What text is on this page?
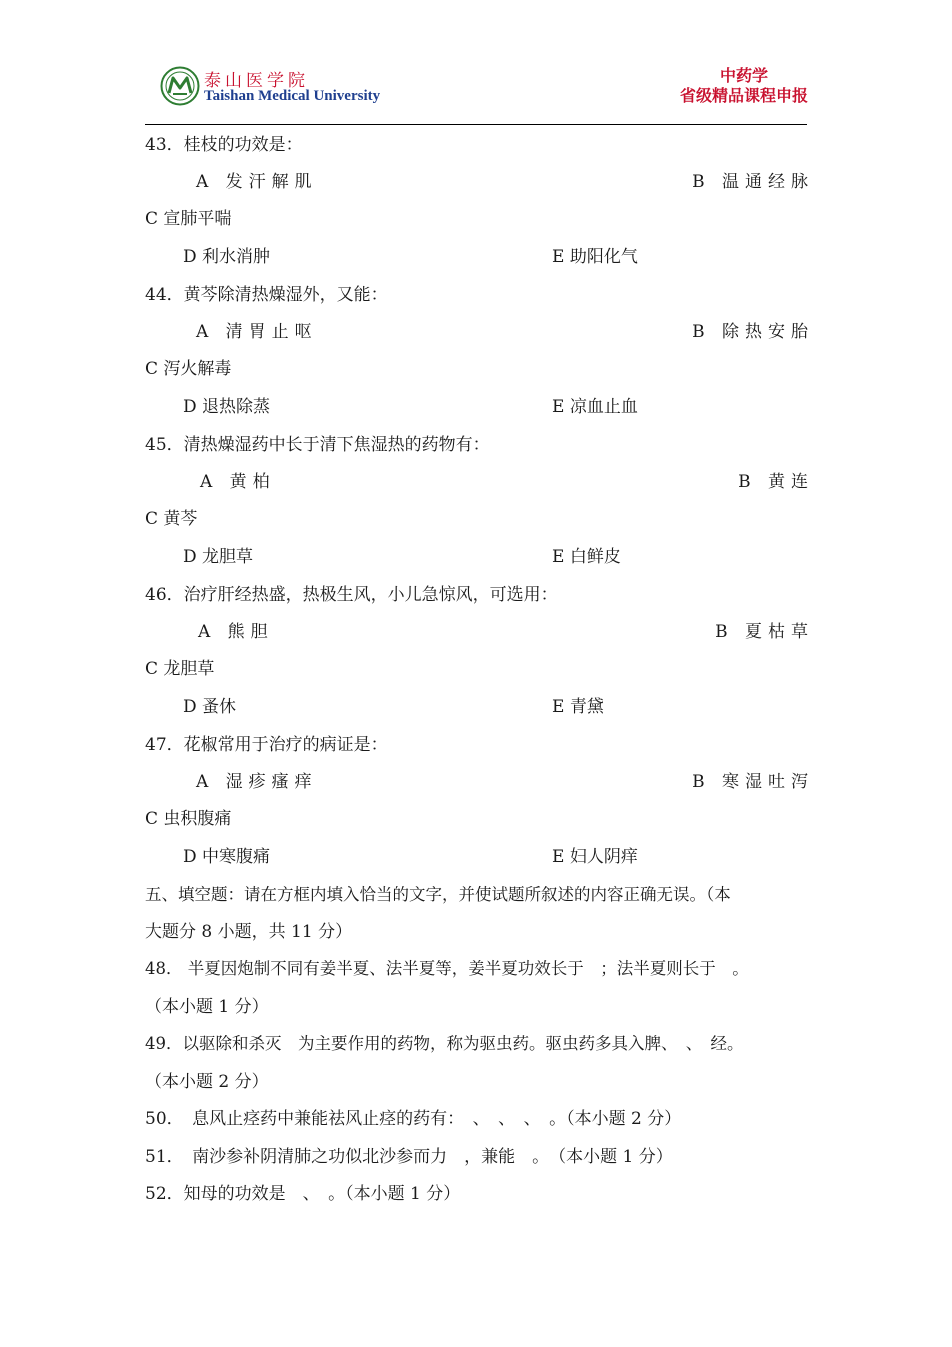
泰山医学院
Taishan Medical University
中药学
省级精品课程申报
43．桂枝的功效是：
A 发汗解肌	B 温通经脉
C 宣肺平喘
D 利水消肿	E 助阳化气
44．黄芩除清热燥湿外，又能：
A 清胃止呕	B 除热安胎
C 泻火解毒
D 退热除蒸	E 凉血止血
45．清热燥湿药中长于清下焦湿热的药物有：
A 黄柏	B 黄连
C 黄芩
D 龙胆草	E 白鲜皮
46．治疗肝经热盛，热极生风，小儿急惊风，可选用：
A 熊胆	B 夏枯草
C 龙胆草
D 蚤休	E 青黛
47．花椒常用于治疗的病证是：
A 湿疹瘙痒	B 寒湿吐泻
C 虫积腹痛
D 中寒腹痛	E 妇人阴痒
五、填空题：请在方框内填入恰当的文字，并使试题所叙述的内容正确无误。（本
大题分 8 小题，共 11 分）
48． 半夏因炮制不同有姜半夏、法半夏等，姜半夏功效长于　；法半夏则长于　。
（本小题 1 分）
49．以驱除和杀灭　为主要作用的药物，称为驱虫药。驱虫药多具入脾、　、　经。
（本小题 2 分）
50．　息风止痉药中兼能祛风止痉的药有：　、　、　、　。（本小题 2 分）
51．　南沙参补阴清肺之功似北沙参而力　，兼能　。　（本小题 1 分）
52．知母的功效是　、　。（本小题 1 分）
